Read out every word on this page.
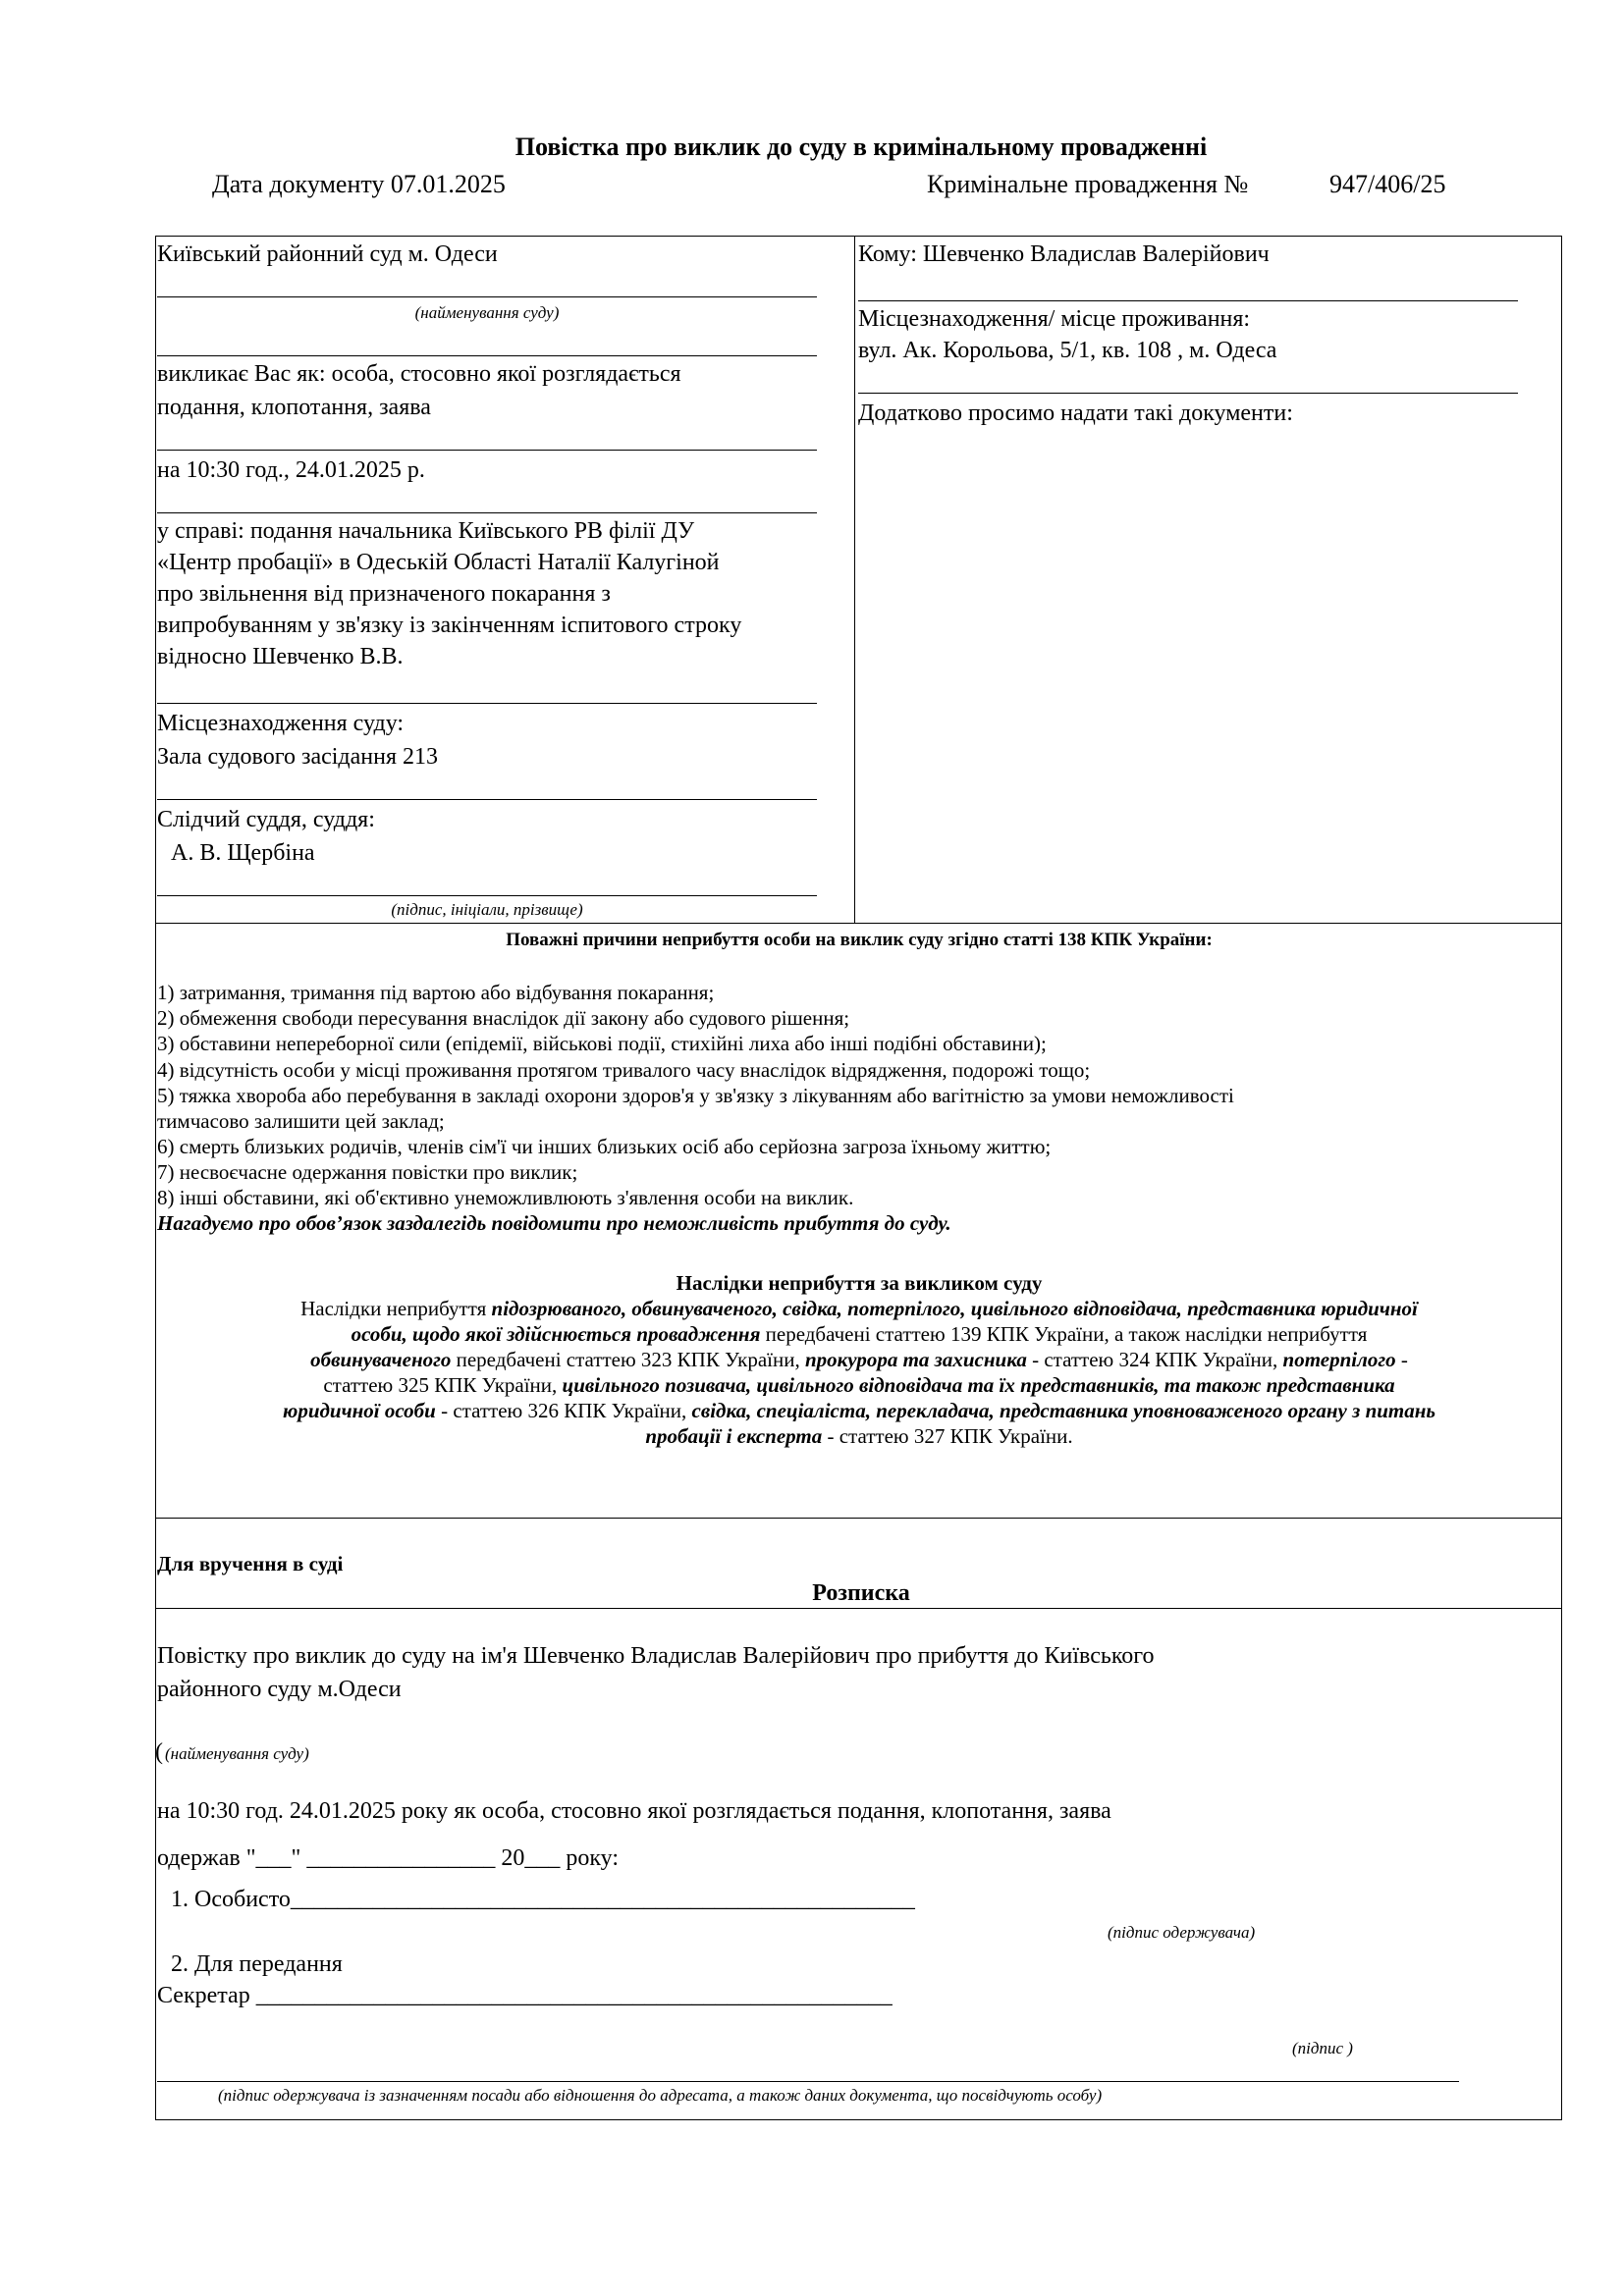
Повістка про виклик до суду в кримінальному провадженні
Дата документу 07.01.2025	Кримінальне провадження №	947/406/25
Київський районний суд м. Одеси
(найменування суду)
викликає Вас як: особа, стосовно якої розглядається
подання, клопотання, заява
на 10:30 год., 24.01.2025 р.
у справі: подання начальника Київського РВ філії ДУ
«Центр пробації» в Одеській Області Наталії Калугіной
про звільнення від призначеного покарання з
випробуванням у зв'язку із закінченням іспитового строку
відносно Шевченко В.В.
Місцезнаходження суду:
Зала судового засідання 213
Слідчий суддя, суддя:
А. В. Щербіна
(підпис, ініціали, прізвище)
Кому: Шевченко Владислав Валерійович
Місцезнаходження/ місце проживання:
вул. Ак. Корольова, 5/1, кв. 108 , м. Одеса
Додатково просимо надати такі документи:
Поважні причини неприбуття особи на виклик суду згідно статті 138 КПК України:
1) затримання, тримання під вартою або відбування покарання;
2) обмеження свободи пересування внаслідок дії закону або судового рішення;
3) обставини непереборної сили (епідемії, військові події, стихійні лиха або інші подібні обставини);
4) відсутність особи у місці проживання протягом тривалого часу внаслідок відрядження, подорожі тощо;
5) тяжка хвороба або перебування в закладі охорони здоров'я у зв'язку з лікуванням або вагітністю за умови неможливості
тимчасово залишити цей заклад;
6) смерть близьких родичів, членів сім'ї чи інших близьких осіб або серйозна загроза їхньому життю;
7) несвоєчасне одержання повістки про виклик;
8) інші обставини, які об'єктивно унеможливлюють з'явлення особи на виклик.
Нагадуємо про обов’язок заздалегідь повідомити про неможливість прибуття до суду.
Наслідки неприбуття за викликом суду
Наслідки неприбуття підозрюваного, обвинуваченого, свідка, потерпілого, цивільного відповідача, представника юридичної
особи, щодо якої здійснюється провадження передбачені статтею 139 КПК України, а також наслідки неприбуття
обвинуваченого передбачені статтею 323 КПК України, прокурора та захисника - статтею 324 КПК України, потерпілого -
статтею 325 КПК України, цивільного позивача, цивільного відповідача та їх представників, та також представника
юридичної особи - статтею 326 КПК України, свідка, спеціаліста, перекладача, представника уповноваженого органу з питань
пробації і експерта - статтею 327 КПК України.
Для вручення в суді
Розписка
Повістку про виклик до суду на ім'я Шевченко Владислав Валерійович про прибуття до Київського
районного суду м.Одеси
( (найменування суду)
на 10:30 год. 24.01.2025 року як особа, стосовно якої розглядається подання, клопотання, заява
одержав "___" ________________ 20___ року:
1. Особисто_____________________________________________________
(підпис одержувача)
2. Для передання
Секретар ______________________________________________________
(підпис )
(підпис одержувача із зазначенням посади або відношення до адресата, а також даних документа, що посвідчують особу)
